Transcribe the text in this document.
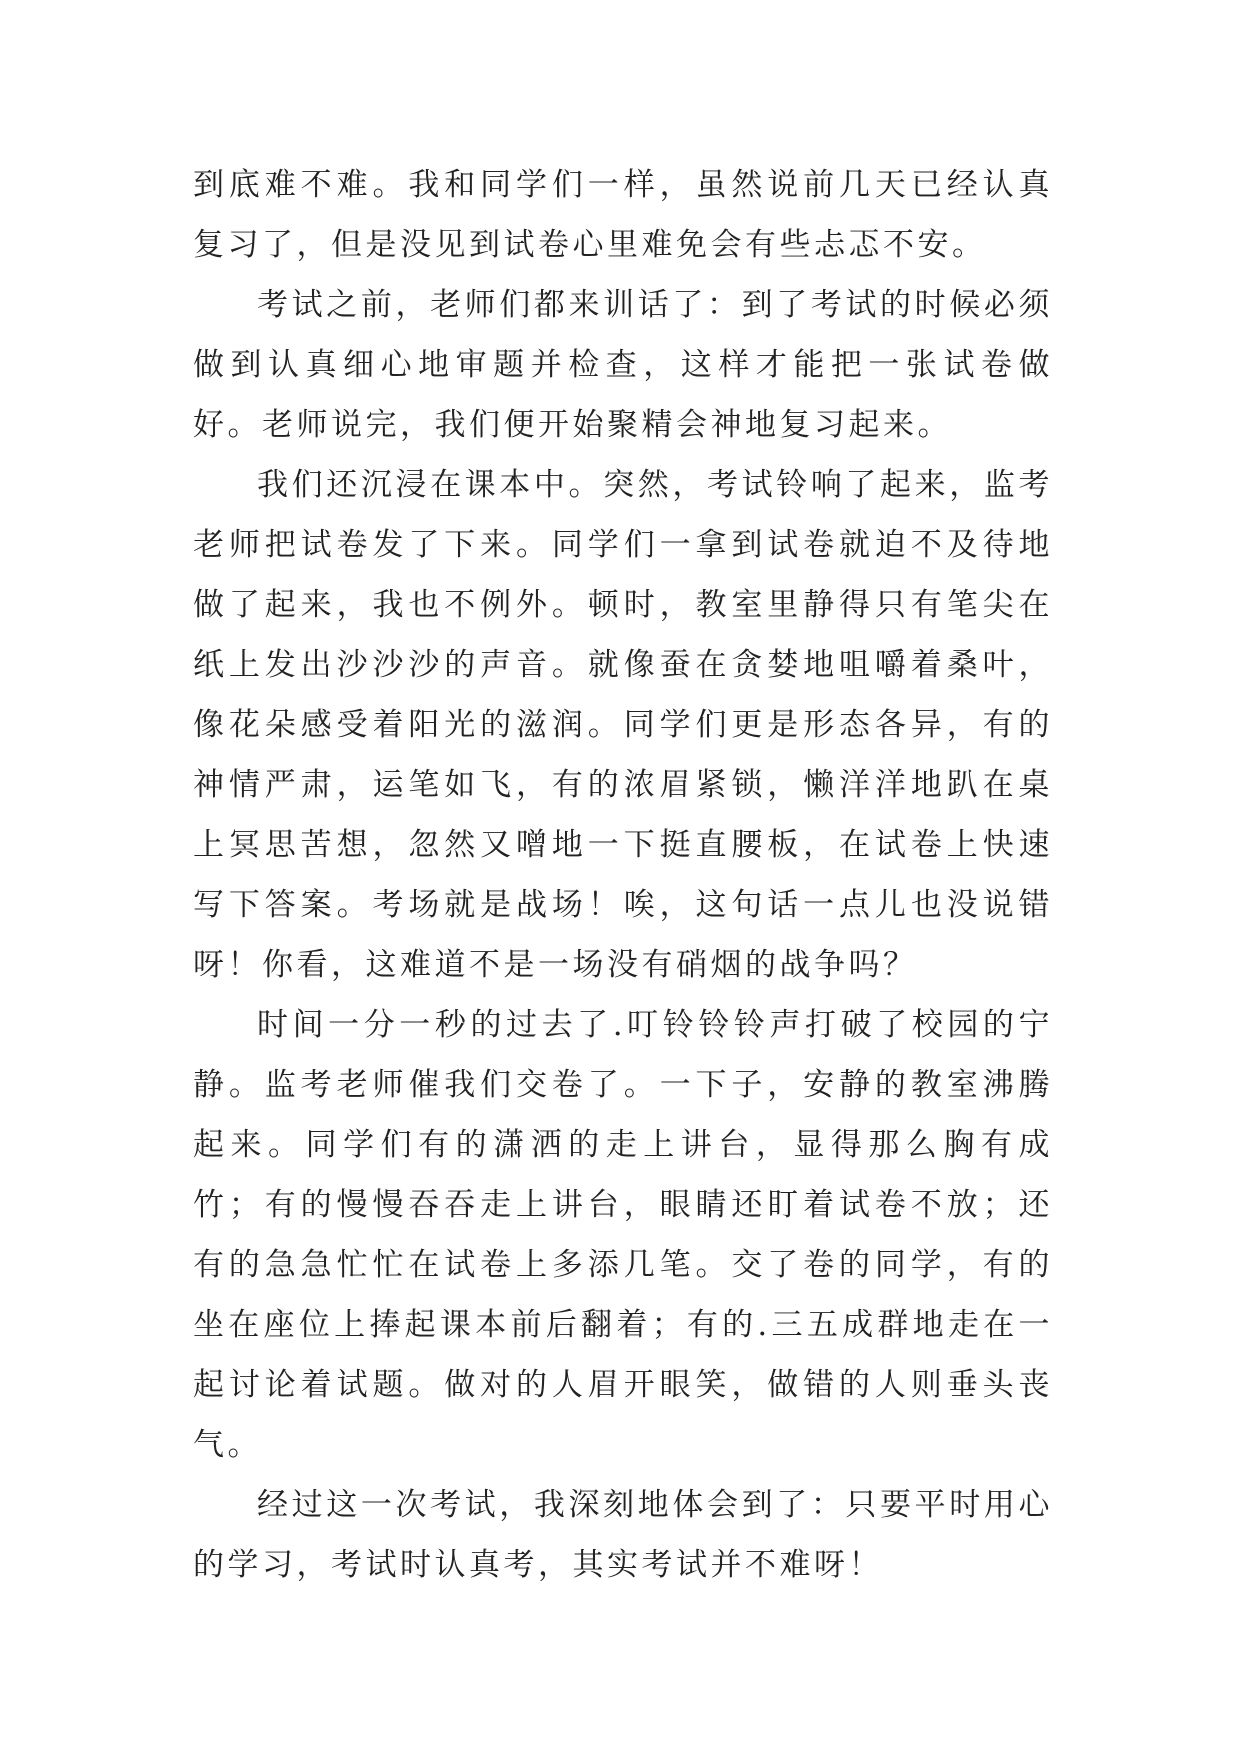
到底难不难。我和同学们一样，虽然说前几天已经认真复习了，但是没见到试卷心里难免会有些忐忑不安。

考试之前，老师们都来训话了：到了考试的时候必须做到认真细心地审题并检查，这样才能把一张试卷做好。老师说完，我们便开始聚精会神地复习起来。

我们还沉浸在课本中。突然，考试铃响了起来，监考老师把试卷发了下来。同学们一拿到试卷就迫不及待地做了起来，我也不例外。顿时，教室里静得只有笔尖在纸上发出沙沙沙的声音。就像蚕在贪婪地咀嚼着桑叶，像花朵感受着阳光的滋润。同学们更是形态各异，有的神情严肃，运笔如飞，有的浓眉紧锁，懒洋洋地趴在桌上冥思苦想，忽然又噌地一下挺直腰板，在试卷上快速写下答案。考场就是战场！唉，这句话一点儿也没说错呀！你看，这难道不是一场没有硝烟的战争吗？

时间一分一秒的过去了.叮铃铃铃声打破了校园的宁静。监考老师催我们交卷了。一下子，安静的教室沸腾起来。同学们有的潇洒的走上讲台，显得那么胸有成竹；有的慢慢吞吞走上讲台，眼睛还盯着试卷不放；还有的急急忙忙在试卷上多添几笔。交了卷的同学，有的坐在座位上捧起课本前后翻着；有的.三五成群地走在一起讨论着试题。做对的人眉开眼笑，做错的人则垂头丧气。

经过这一次考试，我深刻地体会到了：只要平时用心的学习，考试时认真考，其实考试并不难呀！
